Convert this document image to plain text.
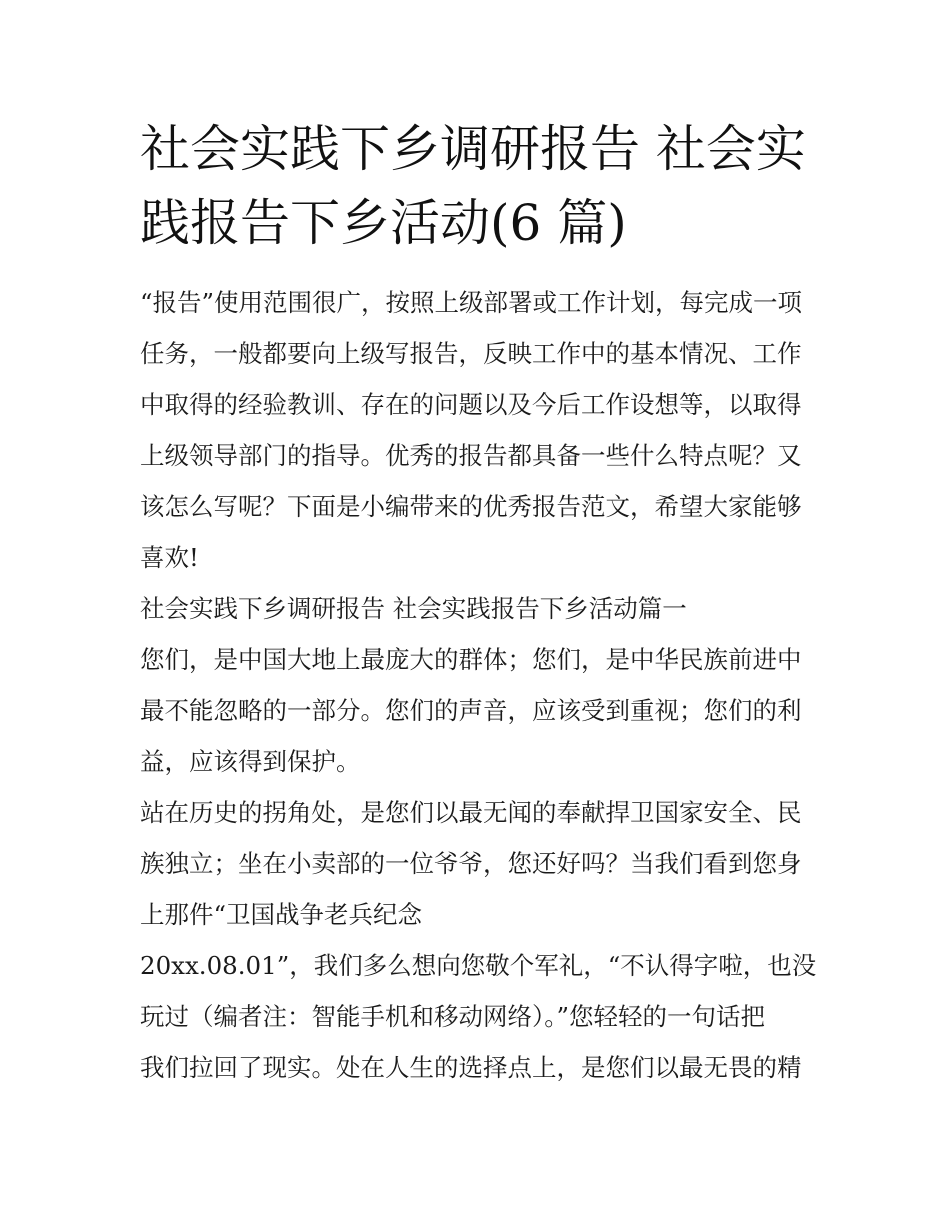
社会实践下乡调研报告 社会实
践报告下乡活动(6 篇)
“报告”使用范围很广，按照上级部署或工作计划，每完成一项
任务，一般都要向上级写报告，反映工作中的基本情况、工作
中取得的经验教训、存在的问题以及今后工作设想等，以取得
上级领导部门的指导。优秀的报告都具备一些什么特点呢？又
该怎么写呢？下面是小编带来的优秀报告范文，希望大家能够
喜欢!
社会实践下乡调研报告 社会实践报告下乡活动篇一
您们，是中国大地上最庞大的群体；您们，是中华民族前进中
最不能忽略的一部分。您们的声音，应该受到重视；您们的利
益，应该得到保护。
站在历史的拐角处，是您们以最无闻的奉献捍卫国家安全、民
族独立；坐在小卖部的一位爷爷，您还好吗？当我们看到您身
上那件“卫国战争老兵纪念
20xx.08.01”，我们多么想向您敬个军礼，“不认得字啦，也没
玩过（编者注：智能手机和移动网络）。”您轻轻的一句话把
我们拉回了现实。处在人生的选择点上，是您们以最无畏的精
